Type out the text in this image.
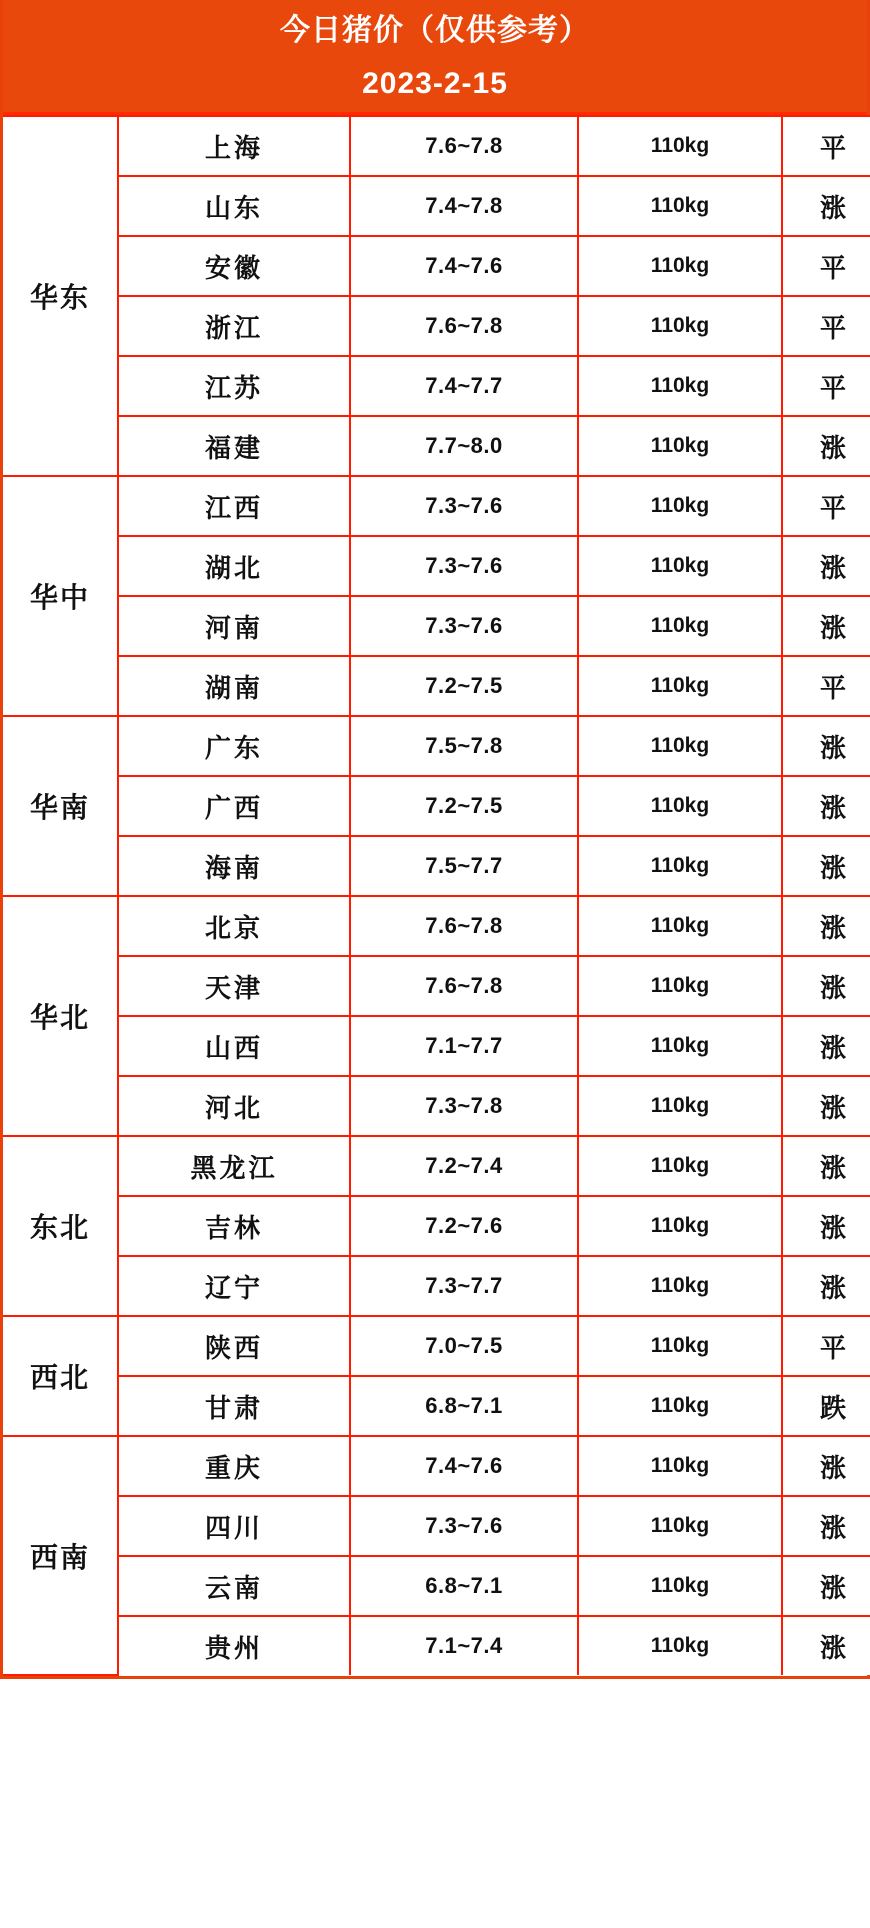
今日猪价（仅供参考）
2023-2-15
华东	上海	7.6~7.8	110kg	平
	山东	7.4~7.8	110kg	涨
	安徽	7.4~7.6	110kg	平
	浙江	7.6~7.8	110kg	平
	江苏	7.4~7.7	110kg	平
	福建	7.7~8.0	110kg	涨
华中	江西	7.3~7.6	110kg	平
	湖北	7.3~7.6	110kg	涨
	河南	7.3~7.6	110kg	涨
	湖南	7.2~7.5	110kg	平
华南	广东	7.5~7.8	110kg	涨
	广西	7.2~7.5	110kg	涨
	海南	7.5~7.7	110kg	涨
华北	北京	7.6~7.8	110kg	涨
	天津	7.6~7.8	110kg	涨
	山西	7.1~7.7	110kg	涨
	河北	7.3~7.8	110kg	涨
东北	黑龙江	7.2~7.4	110kg	涨
	吉林	7.2~7.6	110kg	涨
	辽宁	7.3~7.7	110kg	涨
西北	陕西	7.0~7.5	110kg	平
	甘肃	6.8~7.1	110kg	跌
西南	重庆	7.4~7.6	110kg	涨
	四川	7.3~7.6	110kg	涨
	云南	6.8~7.1	110kg	涨
	贵州	7.1~7.4	110kg	涨
